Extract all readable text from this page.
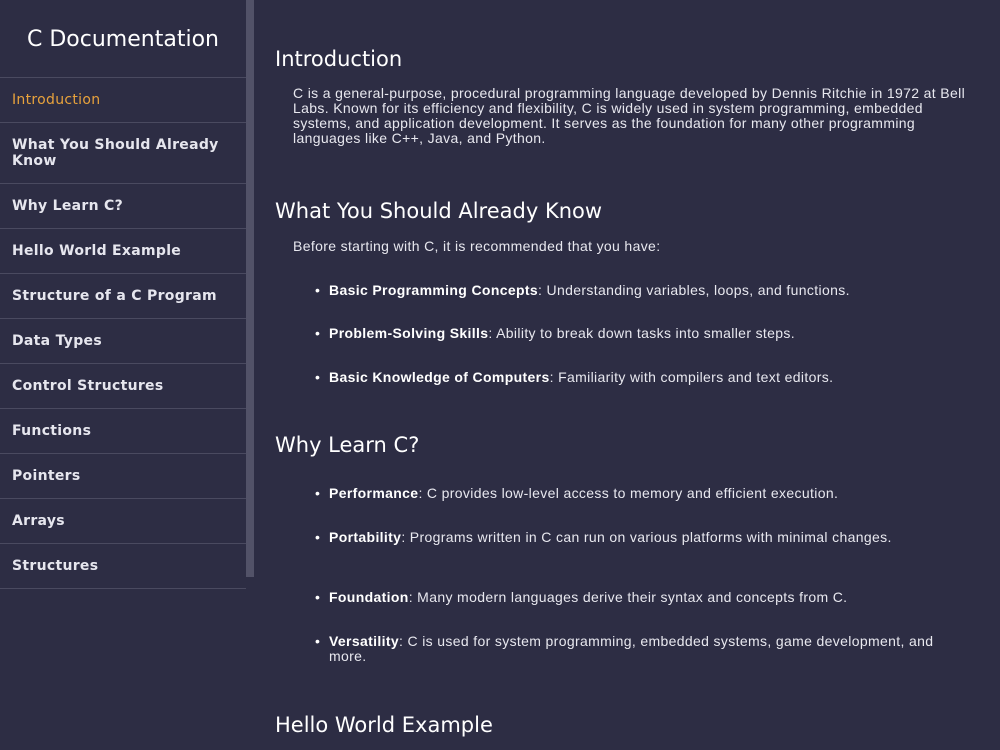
C Documentation
Introduction
What You Should Already Know
Why Learn C?
Hello World Example
Structure of a C Program
Data Types
Control Structures
Functions
Pointers
Arrays
Structures
Introduction

C is a general-purpose, procedural programming language developed by Dennis Ritchie in 1972 at Bell Labs. Known for its efficiency and flexibility, C is widely used in system programming, embedded systems, and application development. It serves as the foundation for many other programming languages like C++, Java, and Python.

What You Should Already Know

Before starting with C, it is recommended that you have:

• Basic Programming Concepts: Understanding variables, loops, and functions.

• Problem-Solving Skills: Ability to break down tasks into smaller steps.

• Basic Knowledge of Computers: Familiarity with compilers and text editors.

Why Learn C?

• Performance: C provides low-level access to memory and efficient execution.

• Portability: Programs written in C can run on various platforms with minimal changes.

• Foundation: Many modern languages derive their syntax and concepts from C.

• Versatility: C is used for system programming, embedded systems, game development, and more.

Hello World Example
